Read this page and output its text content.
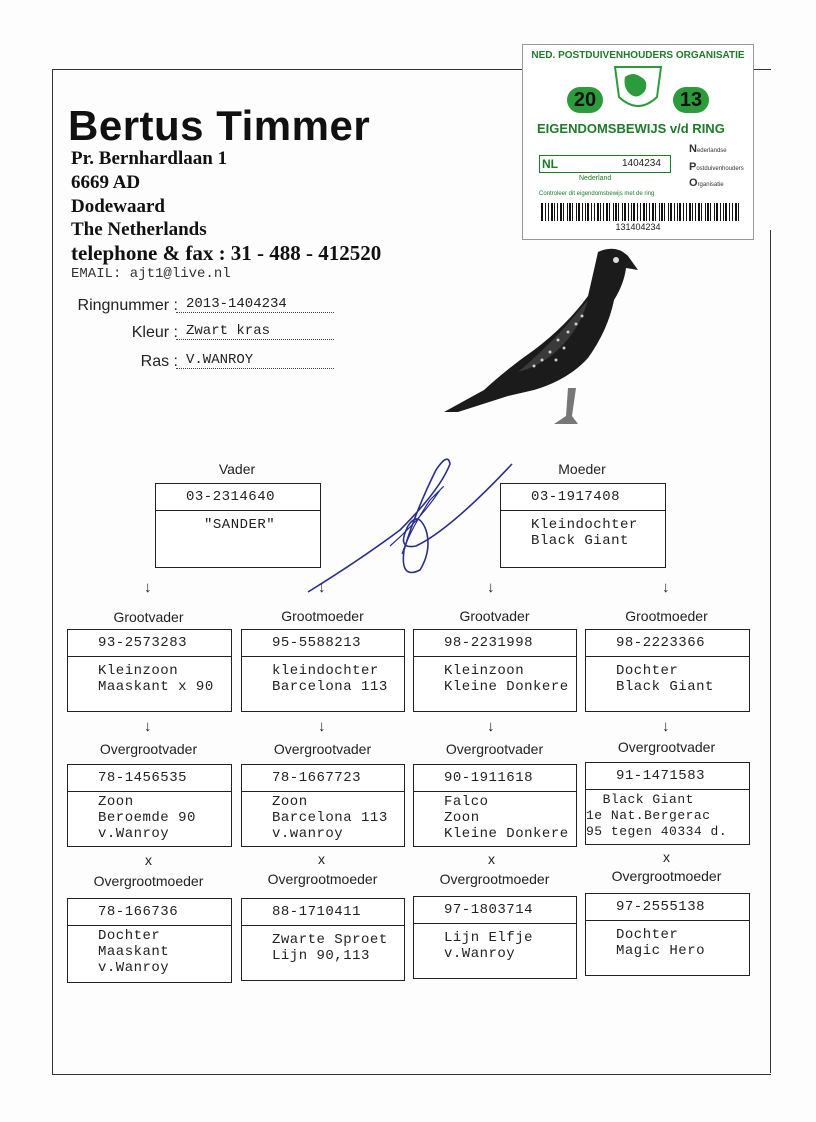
Bertus Timmer
Pr. Bernhardlaan 1
6669 AD
Dodewaard
The Netherlands
telephone & fax : 31 - 488 - 412520
EMAIL: ajt1@live.nl
Ringnummer : 2013-1404234
Kleur : Zwart kras
Ras : V.WANROY
NED. POSTDUIVENHOUDERS ORGANISATIE
20	13
EIGENDOMSBEWIJS v/d RING
NL	1404234
Nederland
Nederlandse
Postduivenhouders
Organisatie
Controleer dit eigendomsbewijs met de ring
131404234
Vader
03-2314640
"SANDER"
Moeder
03-1917408
Kleindochter
Black Giant
↓	↓	↓	↓
Grootvader	Grootmoeder	Grootvader	Grootmoeder
93-2573283
Kleinzoon
Maaskant x 90
95-5588213
kleindochter
Barcelona 113
98-2231998
Kleinzoon
Kleine Donkere
98-2223366
Dochter
Black Giant
↓	↓	↓	↓
Overgrootvader	Overgrootvader	Overgrootvader	Overgrootvader
78-1456535
Zoon
Beroemde 90
v.Wanroy
78-1667723
Zoon
Barcelona 113
v.wanroy
90-1911618
Falco
Zoon
Kleine Donkere
91-1471583
Black Giant
1e Nat.Bergerac
95 tegen 40334 d.
x	x	x	x
Overgrootmoeder	Overgrootmoeder	Overgrootmoeder	Overgrootmoeder
78-166736
Dochter
Maaskant
v.Wanroy
88-1710411
Zwarte Sproet
Lijn 90,113
97-1803714
Lijn Elfje
v.Wanroy
97-2555138
Dochter
Magic Hero
